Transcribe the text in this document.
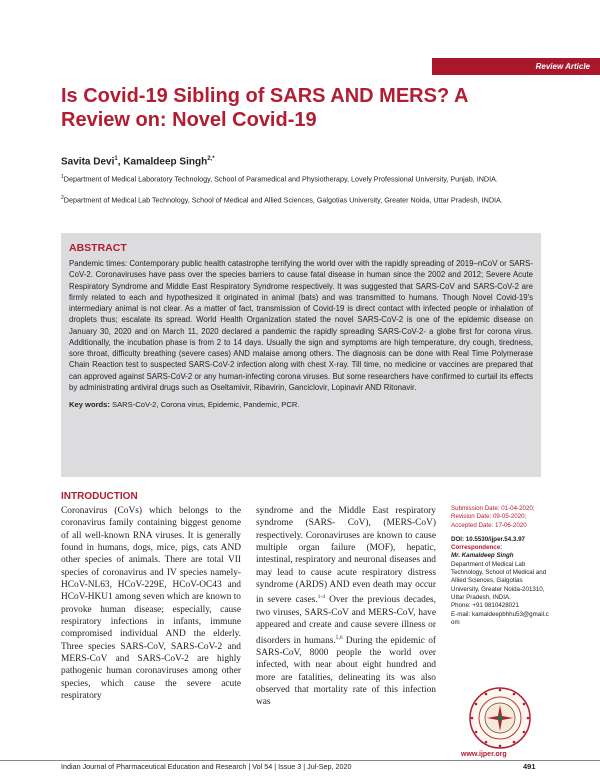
Review Article
Is Covid-19 Sibling of SARS AND MERS? A Review on: Novel Covid-19
Savita Devi$^1$, Kamaldeep Singh$^{2,*}$
$^1$Department of Medical Laboratory Technology, School of Paramedical and Physiotherapy, Lovely Professional University, Punjab, INDIA.
$^2$Department of Medical Lab Technology, School of Medical and Allied Sciences, Galgotias University, Greater Noida, Uttar Pradesh, INDIA.
ABSTRACT

Pandemic times: Contemporary public health catastrophe terrifying the world over with the rapidly spreading of 2019–nCoV or SARS-CoV-2. Coronaviruses have pass over the species barriers to cause fatal disease in human since the 2002 and 2012; Severe Acute Respiratory Syndrome and Middle East Respiratory Syndrome respectively. It was suggested that SARS-CoV and SARS-CoV-2 are firmly related to each and hypothesized it originated in animal (bats) and was transmitted to humans. Though Novel Covid-19's intermediary animal is not clear. As a matter of fact, transmission of Covid-19 is direct contact with infected people or inhalation of droplets thus; escalate its spread. World Health Organization stated the novel SARS-CoV-2 is one of the epidemic disease on January 30, 2020 and on March 11, 2020 declared a pandemic the rapidly spreading SARS-CoV-2- a globe first for corona virus. Additionally, the incubation phase is from 2 to 14 days. Usually the sign and symptoms are high temperature, dry cough, tiredness, sore throat, difficulty breathing (severe cases) AND malaise among others. The diagnosis can be done with Real Time Polymerase Chain Reaction test to suspected SARS-CoV-2 infection along with chest X-ray. Till time, no medicine or vaccines are prepared that can approved against SARS-CoV-2 or any human-infecting corona viruses. But some researchers have confirmed to curtail its effects by administrating antiviral drugs such as Oseltamivir, Ribavirin, Ganciclovir, Lopinavir AND Ritonavir.

Key words: SARS-CoV-2, Corona virus, Epidemic, Pandemic, PCR.
INTRODUCTION

Coronavirus (CoVs) which belongs to the coronavirus family containing biggest genome of all well-known RNA viruses. It is generally found in humans, dogs, mice, pigs, cats AND other species of animals. There are total VII species of coronavirus and IV species namely- HCoV-NL63, HCoV-229E, HCoV-OC43 and HCoV-HKU1 among seven which are known to provoke human disease; especially, cause respiratory infections in infants, immune compromised individual AND the elderly. Three species SARS-CoV, SARS-CoV-2 and MERS-CoV and SARS-CoV-2 are highly pathogenic human coronaviruses among other species, which cause the severe acute respiratory

syndrome and the Middle East respiratory syndrome (SARS- CoV), (MERS-CoV) respectively. Coronaviruses are known to cause multiple organ failure (MOF), hepatic, intestinal, respiratory and neuronal diseases and may lead to cause acute respiratory distress syndrome (ARDS) AND even death may occur in severe cases.$^{1-4}$ Over the previous decades, two viruses, SARS-CoV and MERS-CoV, have appeared and create and cause severe illness or disorders in humans.$^{5,6}$ During the epidemic of SARS-CoV, 8000 people the world over infected, with near about eight hundred and more are fatalities, delineating its was also observed that mortality rate of this infection was

Submission Date: 01-04-2020;
Revision Date: 09-05-2020;
Accepted Date: 17-06-2020
DOI: 10.5530/ijper.54.3.97
Correspondence:
Mr. Kamaldeep Singh
Department of Medical Lab Technology, School of Medical and Allied Sciences, Galgotias University, Greater Noida-201310, Uttar Pradesh, INDIA.
Phone: +91 9810428021
E-mail: kamaldeepbhhu53@gmail.com
www.ijper.org
Indian Journal of Pharmaceutical Education and Research | Vol 54 | Issue 3 | Jul-Sep, 2020	491
